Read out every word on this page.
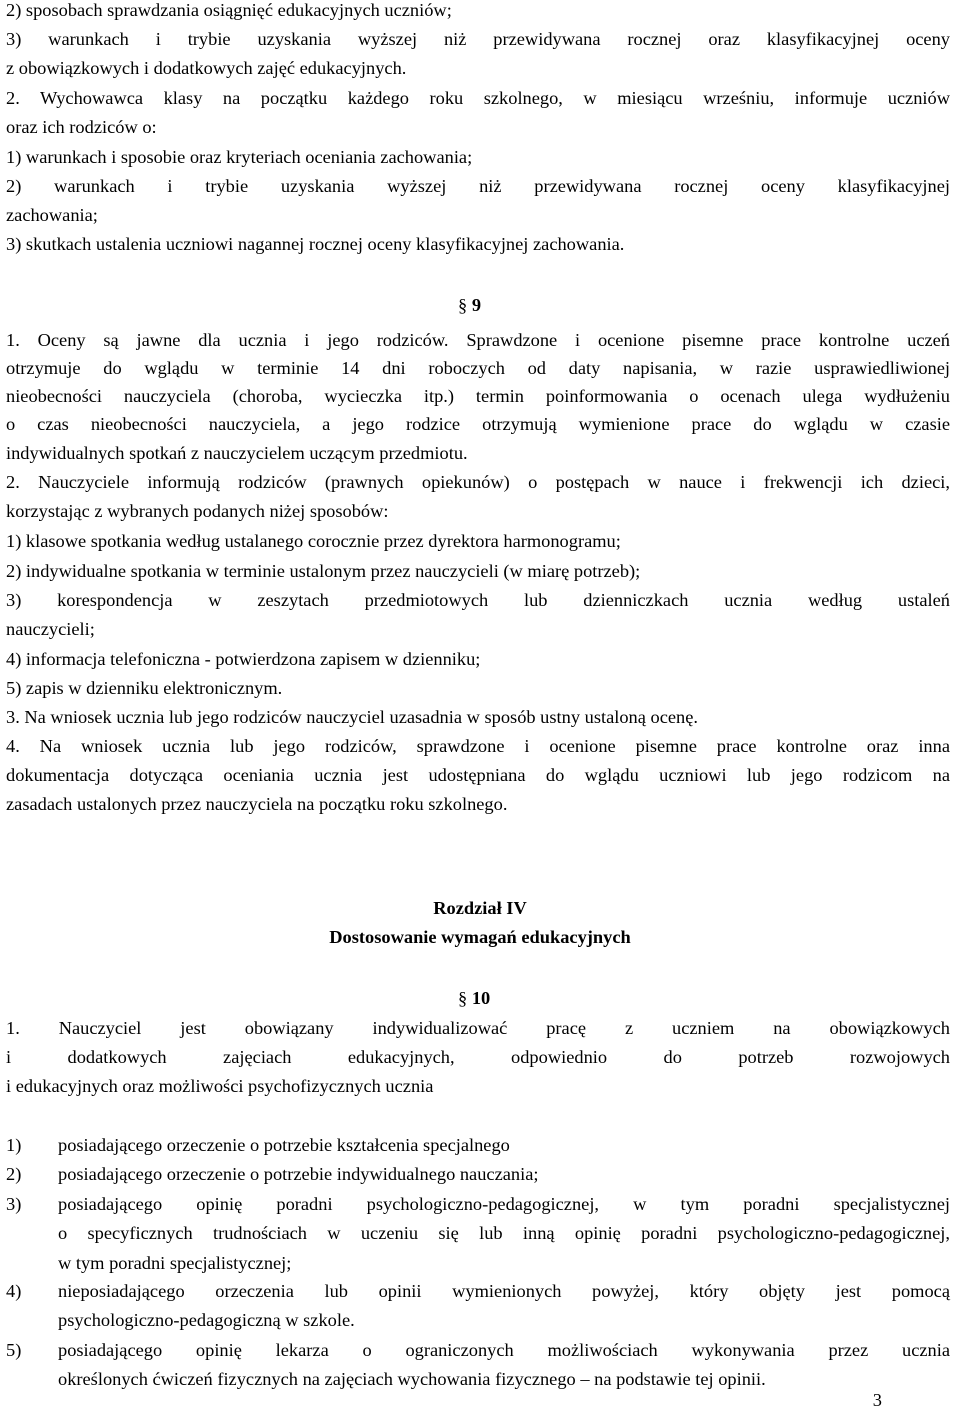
2) sposobach sprawdzania osiągnięć edukacyjnych uczniów;
3) warunkach i trybie uzyskania wyższej niż przewidywana rocznej oraz klasyfikacyjnej oceny
z obowiązkowych i dodatkowych zajęć edukacyjnych.
2. Wychowawca klasy na początku każdego roku szkolnego, w miesiącu wrześniu, informuje uczniów
oraz ich rodziców o:
1) warunkach i sposobie oraz kryteriach oceniania zachowania;
2) warunkach i trybie uzyskania wyższej niż przewidywana rocznej oceny klasyfikacyjnej
zachowania;
3) skutkach ustalenia uczniowi nagannej rocznej oceny klasyfikacyjnej zachowania.
§ 9
1. Oceny są jawne dla ucznia i jego rodziców. Sprawdzone i ocenione pisemne prace kontrolne uczeń
otrzymuje do wglądu w terminie 14 dni roboczych od daty napisania, w razie usprawiedliwionej
nieobecności nauczyciela (choroba, wycieczka itp.) termin poinformowania o ocenach ulega wydłużeniu
o czas nieobecności nauczyciela, a jego rodzice otrzymują wymienione prace do wglądu w czasie
indywidualnych spotkań z nauczycielem uczącym przedmiotu.
2. Nauczyciele informują rodziców (prawnych opiekunów) o postępach w nauce i frekwencji ich dzieci,
korzystając z wybranych podanych niżej sposobów:
1) klasowe spotkania według ustalanego corocznie przez dyrektora harmonogramu;
2) indywidualne spotkania w terminie ustalonym przez nauczycieli (w miarę potrzeb);
3) korespondencja w zeszytach przedmiotowych lub dzienniczkach ucznia według ustaleń
nauczycieli;
4) informacja telefoniczna - potwierdzona zapisem w dzienniku;
5) zapis w dzienniku elektronicznym.
3. Na wniosek ucznia lub jego rodziców nauczyciel uzasadnia w sposób ustny ustaloną ocenę.
4. Na wniosek ucznia lub jego rodziców, sprawdzone i ocenione pisemne prace kontrolne oraz inna
dokumentacja dotycząca oceniania ucznia jest udostępniana do wglądu uczniowi lub jego rodzicom na
zasadach ustalonych przez nauczyciela na początku roku szkolnego.
Rozdział IV
Dostosowanie wymagań edukacyjnych
§ 10
1. Nauczyciel jest obowiązany indywidualizować pracę z uczniem na obowiązkowych
i dodatkowych zajęciach edukacyjnych, odpowiednio do potrzeb rozwojowych
i edukacyjnych oraz możliwości psychofizycznych ucznia
1) posiadającego orzeczenie o potrzebie kształcenia specjalnego
2) posiadającego orzeczenie o potrzebie indywidualnego nauczania;
3) posiadającego opinię poradni psychologiczno-pedagogicznej, w tym poradni specjalistycznej
o specyficznych trudnościach w uczeniu się lub inną opinię poradni psychologiczno-pedagogicznej,
w tym poradni specjalistycznej;
4) nieposiadającego orzeczenia lub opinii wymienionych powyżej, który objęty jest pomocą
psychologiczno-pedagogiczną w szkole.
5) posiadającego opinię lekarza o ograniczonych możliwościach wykonywania przez ucznia
określonych ćwiczeń fizycznych na zajęciach wychowania fizycznego – na podstawie tej opinii.
3
